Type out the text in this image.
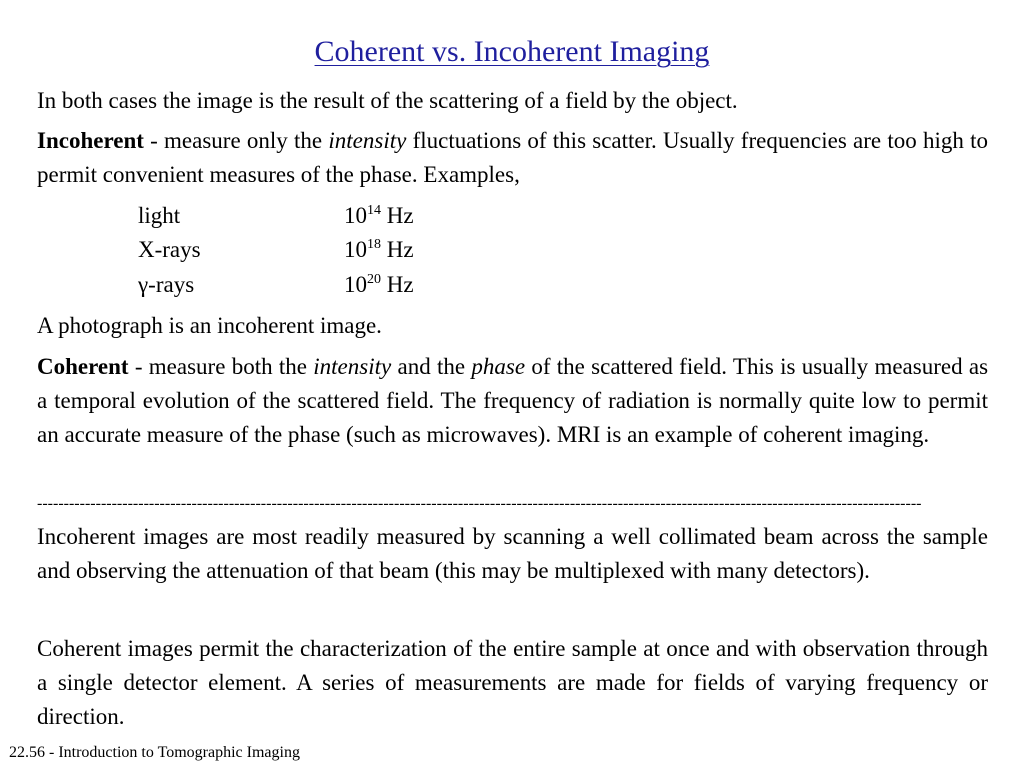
Coherent vs. Incoherent Imaging

In both cases the image is the result of the scattering of a field by the object.

Incoherent - measure only the intensity fluctuations of this scatter. Usually frequencies are too high to permit convenient measures of the phase. Examples,

light	$10^{14}$ Hz
X-rays	$10^{18}$ Hz
γ-rays	$10^{20}$ Hz

A photograph is an incoherent image.

Coherent - measure both the intensity and the phase of the scattered field. This is usually measured as a temporal evolution of the scattered field. The frequency of radiation is normally quite low to permit an accurate measure of the phase (such as microwaves). MRI is an example of coherent imaging.

----------------------------------------------------------------------------------------------------------------------------------------------------------------------

Incoherent images are most readily measured by scanning a well collimated beam across the sample and observing the attenuation of that beam (this may be multiplexed with many detectors).

Coherent images permit the characterization of the entire sample at once and with observation through a single detector element. A series of measurements are made for fields of varying frequency or direction.

22.56 - Introduction to Tomographic Imaging
